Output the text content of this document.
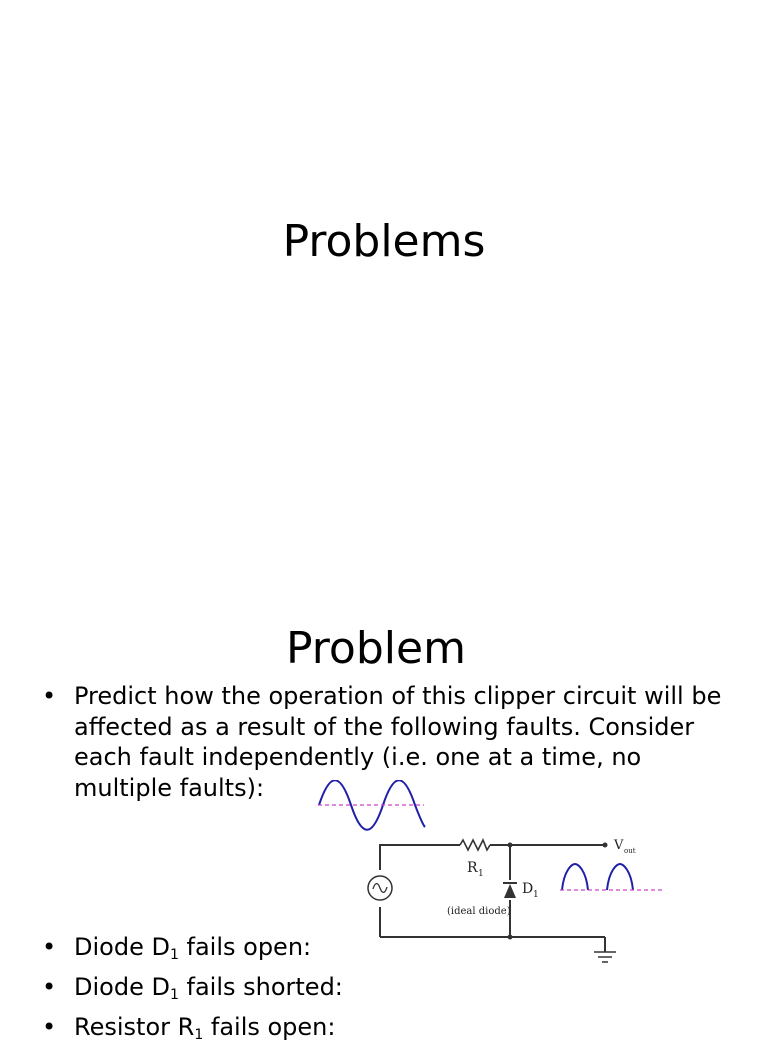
Problems
Problem
• Predict how the operation of this clipper circuit will be affected as a result of the following faults. Consider each fault independently (i.e. one at a time, no multiple faults):
R 1
D 1
(ideal diode)
V out
• Diode $D_1$ fails open:
• Diode $D_1$ fails shorted:
• Resistor $R_1$ fails open:
